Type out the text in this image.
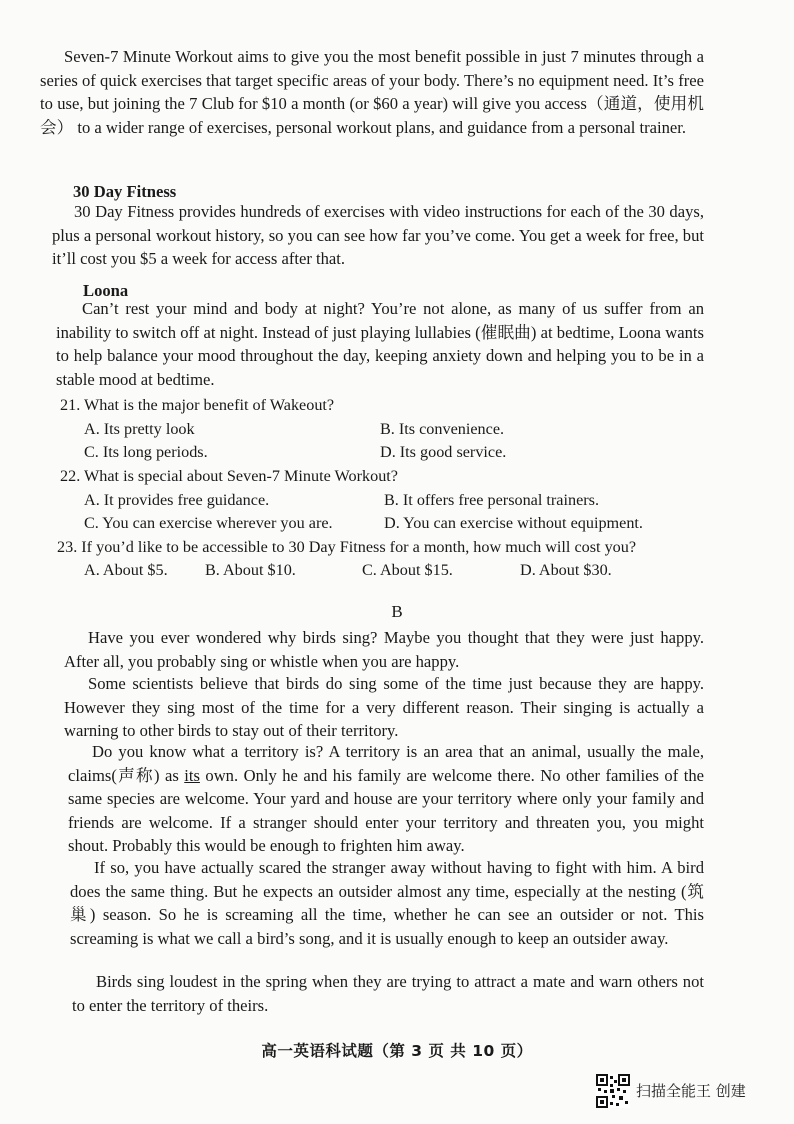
Seven-7 Minute Workout aims to give you the most benefit possible in just 7 minutes through a series of quick exercises that target specific areas of your body. There’s no equipment need. It’s free to use, but joining the 7 Club for $10 a month (or $60 a year) will give you access（通道，使用机会） to a wider range of exercises, personal workout plans, and guidance from a personal trainer.

30 Day Fitness

30 Day Fitness provides hundreds of exercises with video instructions for each of the 30 days, plus a personal workout history, so you can see how far you’ve come. You get a week for free, but it’ll cost you $5 a week for access after that.

Loona

Can’t rest your mind and body at night? You’re not alone, as many of us suffer from an inability to switch off at night. Instead of just playing lullabies (催眠曲) at bedtime, Loona wants to help balance your mood throughout the day, keeping anxiety down and helping you to be in a stable mood at bedtime.

21. What is the major benefit of Wakeout?
A. Its pretty look	B. Its convenience.
C. Its long periods.	D. Its good service.
22. What is special about Seven-7 Minute Workout?
A. It provides free guidance.	B. It offers free personal trainers.
C. You can exercise wherever you are.	D. You can exercise without equipment.
23. If you’d like to be accessible to 30 Day Fitness for a month, how much will cost you?
A. About $5. B. About $10.	C. About $15.	D. About $30.
B

Have you ever wondered why birds sing? Maybe you thought that they were just happy. After all, you probably sing or whistle when you are happy.

Some scientists believe that birds do sing some of the time just because they are happy. However they sing most of the time for a very different reason. Their singing is actually a warning to other birds to stay out of their territory.

Do you know what a territory is? A territory is an area that an animal, usually the male, claims(声称) as its own. Only he and his family are welcome there. No other families of the same species are welcome. Your yard and house are your territory where only your family and friends are welcome. If a stranger should enter your territory and threaten you, you might shout. Probably this would be enough to frighten him away.

If so, you have actually scared the stranger away without having to fight with him. A bird does the same thing. But he expects an outsider almost any time, especially at the nesting (筑巢) season. So he is screaming all the time, whether he can see an outsider or not. This screaming is what we call a bird’s song, and it is usually enough to keep an outsider away.

Birds sing loudest in the spring when they are trying to attract a mate and warn others not to enter the territory of theirs.

高一英语科试题（第 3 页 共 10 页）
扫描全能王 创建
